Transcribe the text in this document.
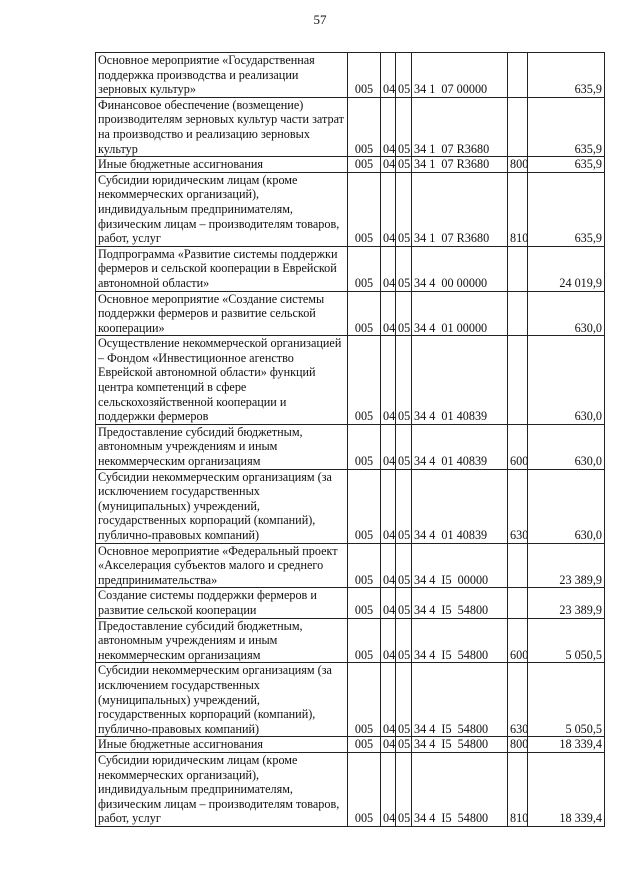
57
Основное мероприятие «Государственная поддержка производства и реализации зерновых культур»	005	04	05	34 1  07 00000		635,9
Финансовое обеспечение (возмещение) производителям зерновых культур части затрат на производство и реализацию зерновых культур	005	04	05	34 1  07 R3680		635,9
Иные бюджетные ассигнования	005	04	05	34 1  07 R3680	800	635,9
Субсидии юридическим лицам (кроме некоммерческих организаций), индивидуальным предпринимателям, физическим лицам – производителям товаров, работ, услуг	005	04	05	34 1  07 R3680	810	635,9
Подпрограмма «Развитие системы поддержки фермеров и сельской кооперации в Еврейской автономной области»	005	04	05	34 4  00 00000		24 019,9
Основное мероприятие «Создание системы поддержки фермеров и развитие сельской кооперации»	005	04	05	34 4  01 00000		630,0
Осуществление некоммерческой организацией – Фондом «Инвестиционное агенство Еврейской автономной области» функций центра компетенций в сфере сельскохозяйственной кооперации и поддержки фермеров	005	04	05	34 4  01 40839		630,0
Предоставление субсидий бюджетным, автономным учреждениям и иным некоммерческим организациям	005	04	05	34 4  01 40839	600	630,0
Субсидии некоммерческим организациям (за исключением государственных (муниципальных) учреждений, государственных корпораций (компаний), публично-правовых компаний)	005	04	05	34 4  01 40839	630	630,0
Основное мероприятие «Федеральный проект «Акселерация субъектов малого и среднего предпринимательства»	005	04	05	34 4  I5  00000		23 389,9
Создание системы поддержки фермеров и развитие сельской кооперации	005	04	05	34 4  I5  54800		23 389,9
Предоставление субсидий бюджетным, автономным учреждениям и иным некоммерческим организациям	005	04	05	34 4  I5  54800	600	5 050,5
Субсидии некоммерческим организациям (за исключением государственных (муниципальных) учреждений, государственных корпораций (компаний), публично-правовых компаний)	005	04	05	34 4  I5  54800	630	5 050,5
Иные бюджетные ассигнования	005	04	05	34 4  I5  54800	800	18 339,4
Субсидии юридическим лицам (кроме некоммерческих организаций), индивидуальным предпринимателям, физическим лицам – производителям товаров, работ, услуг	005	04	05	34 4  I5  54800	810	18 339,4
